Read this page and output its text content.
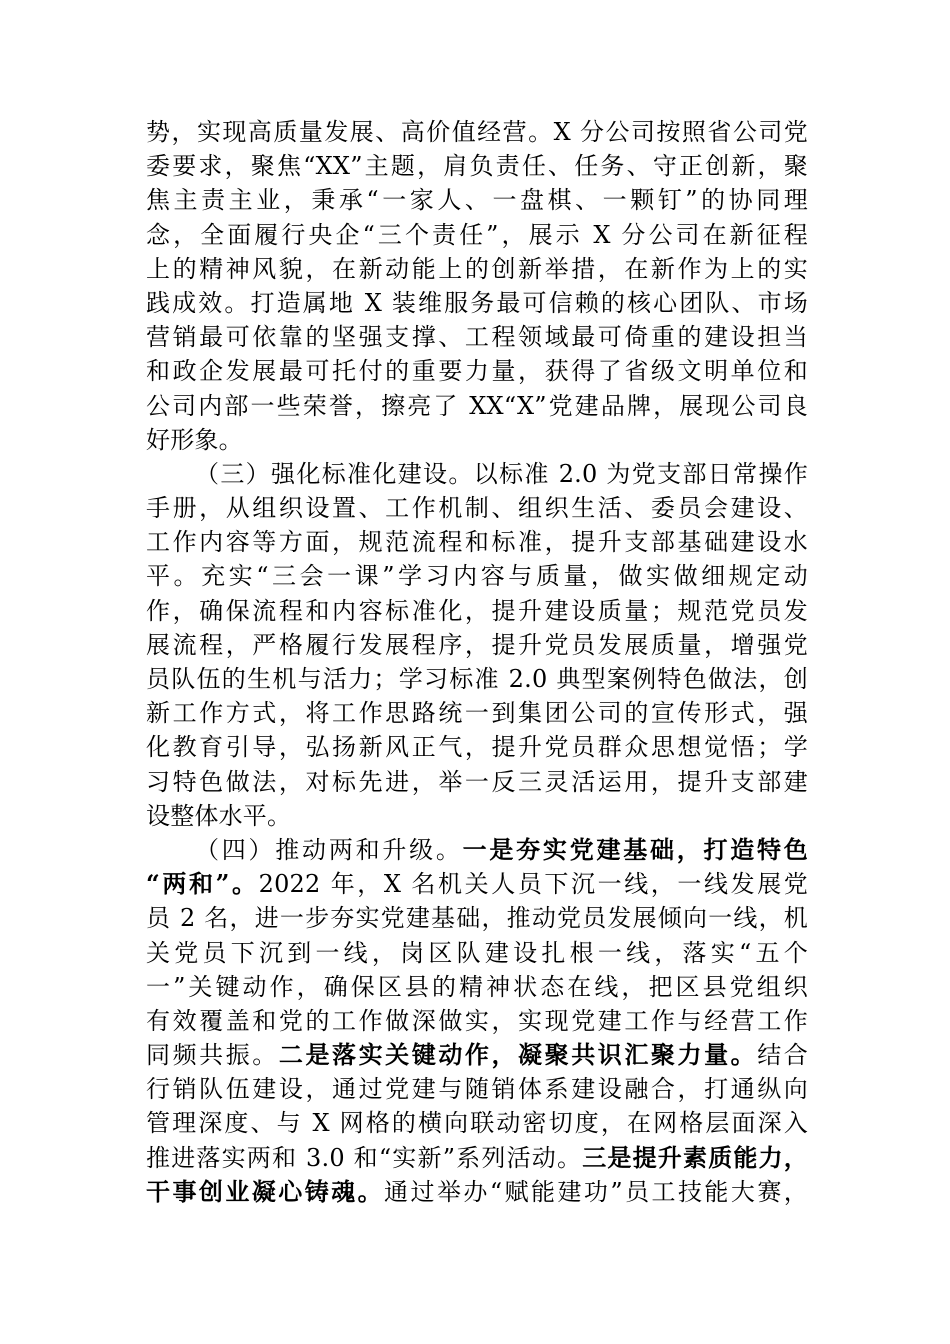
势，实现高质量发展、高价值经营。X 分公司按照省公司党
委要求，聚焦“XX”主题，肩负责任、任务、守正创新，聚
焦主责主业，秉承“一家人、一盘棋、一颗钉”的协同理
念，全面履行央企“三个责任”，展示 X 分公司在新征程
上的精神风貌，在新动能上的创新举措，在新作为上的实
践成效。打造属地 X 装维服务最可信赖的核心团队、市场
营销最可依靠的坚强支撑、工程领域最可倚重的建设担当
和政企发展最可托付的重要力量，获得了省级文明单位和
公司内部一些荣誉，擦亮了 XX“X”党建品牌，展现公司良
好形象。
（三）强化标准化建设。以标准 2.0 为党支部日常操作
手册，从组织设置、工作机制、组织生活、委员会建设、
工作内容等方面，规范流程和标准，提升支部基础建设水
平。充实“三会一课”学习内容与质量，做实做细规定动
作，确保流程和内容标准化，提升建设质量；规范党员发
展流程，严格履行发展程序，提升党员发展质量，增强党
员队伍的生机与活力；学习标准 2.0 典型案例特色做法，创
新工作方式，将工作思路统一到集团公司的宣传形式，强
化教育引导，弘扬新风正气，提升党员群众思想觉悟；学
习特色做法，对标先进，举一反三灵活运用，提升支部建
设整体水平。
（四）推动两和升级。一是夯实党建基础，打造特色
“两和”。2022 年，X 名机关人员下沉一线，一线发展党
员 2 名，进一步夯实党建基础，推动党员发展倾向一线，机
关党员下沉到一线，岗区队建设扎根一线，落实“五个
一”关键动作，确保区县的精神状态在线，把区县党组织
有效覆盖和党的工作做深做实，实现党建工作与经营工作
同频共振。二是落实关键动作，凝聚共识汇聚力量。结合
行销队伍建设，通过党建与随销体系建设融合，打通纵向
管理深度、与 X 网格的横向联动密切度，在网格层面深入
推进落实两和 3.0 和“实新”系列活动。三是提升素质能力，
干事创业凝心铸魂。通过举办“赋能建功”员工技能大赛，
